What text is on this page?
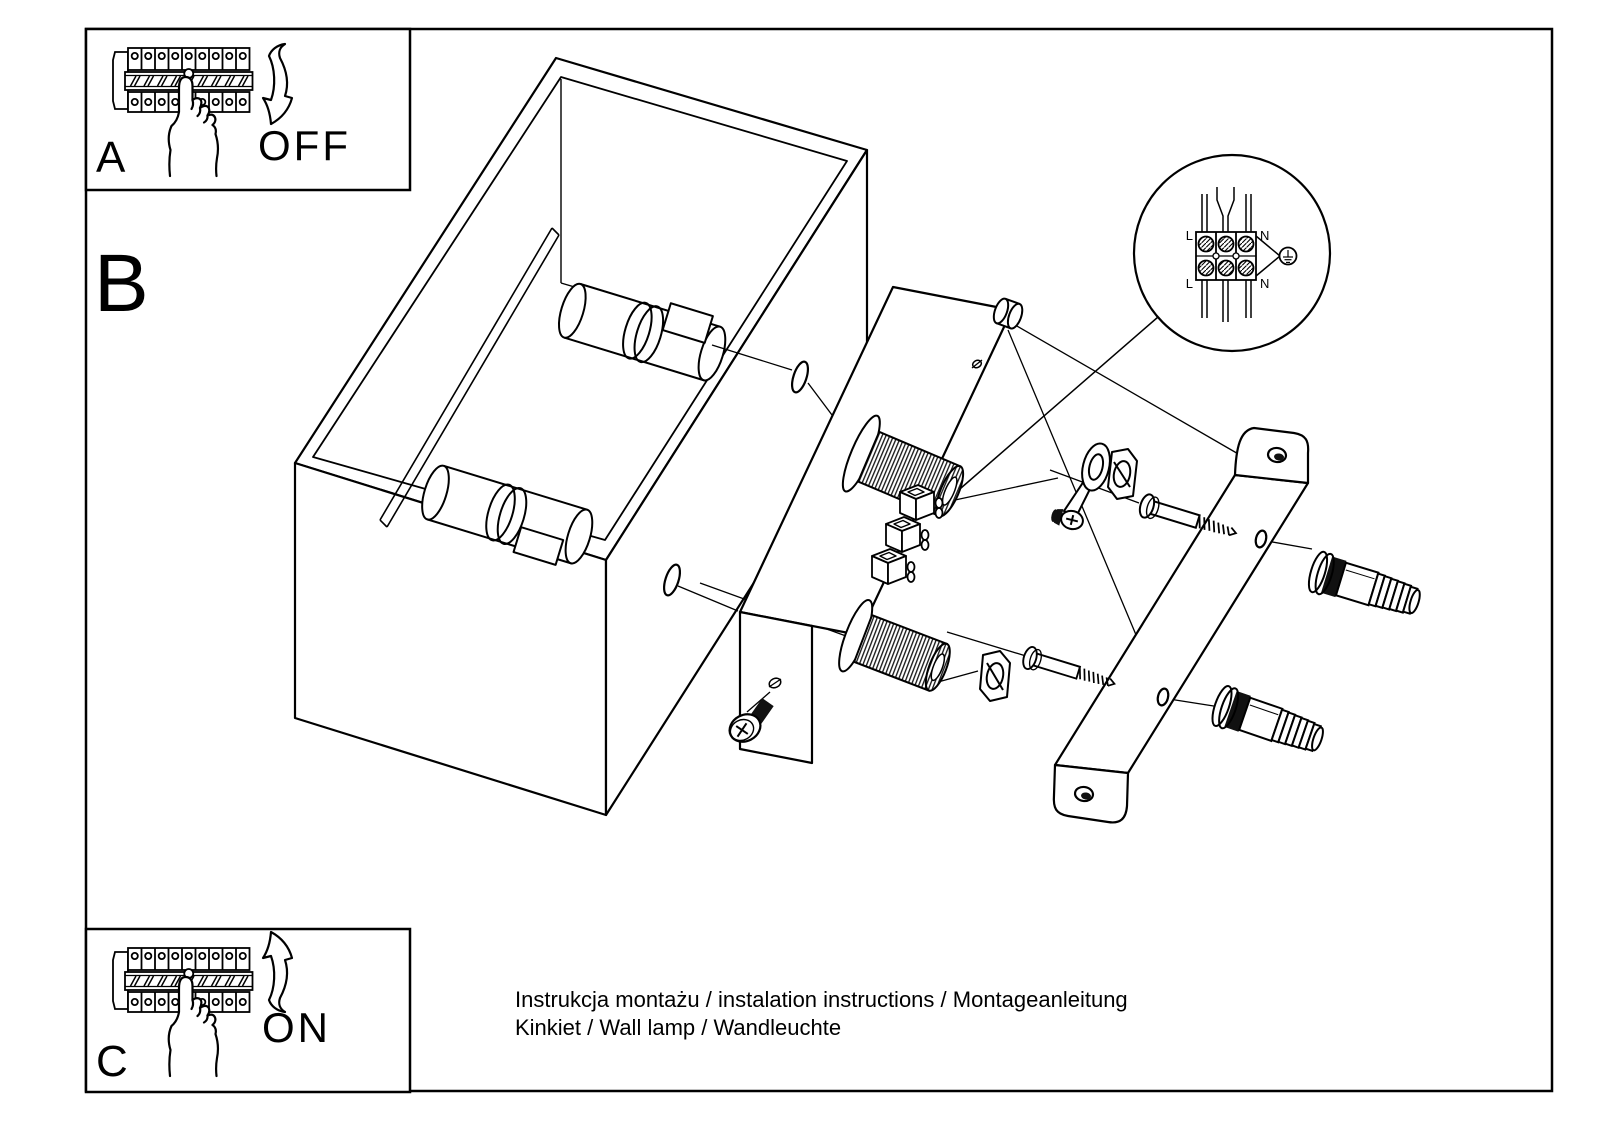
B
L	N
L	N
A	OFF
C
ON
Instrukcja montażu / instalation instructions / Montageanleitung
Kinkiet / Wall lamp / Wandleuchte
